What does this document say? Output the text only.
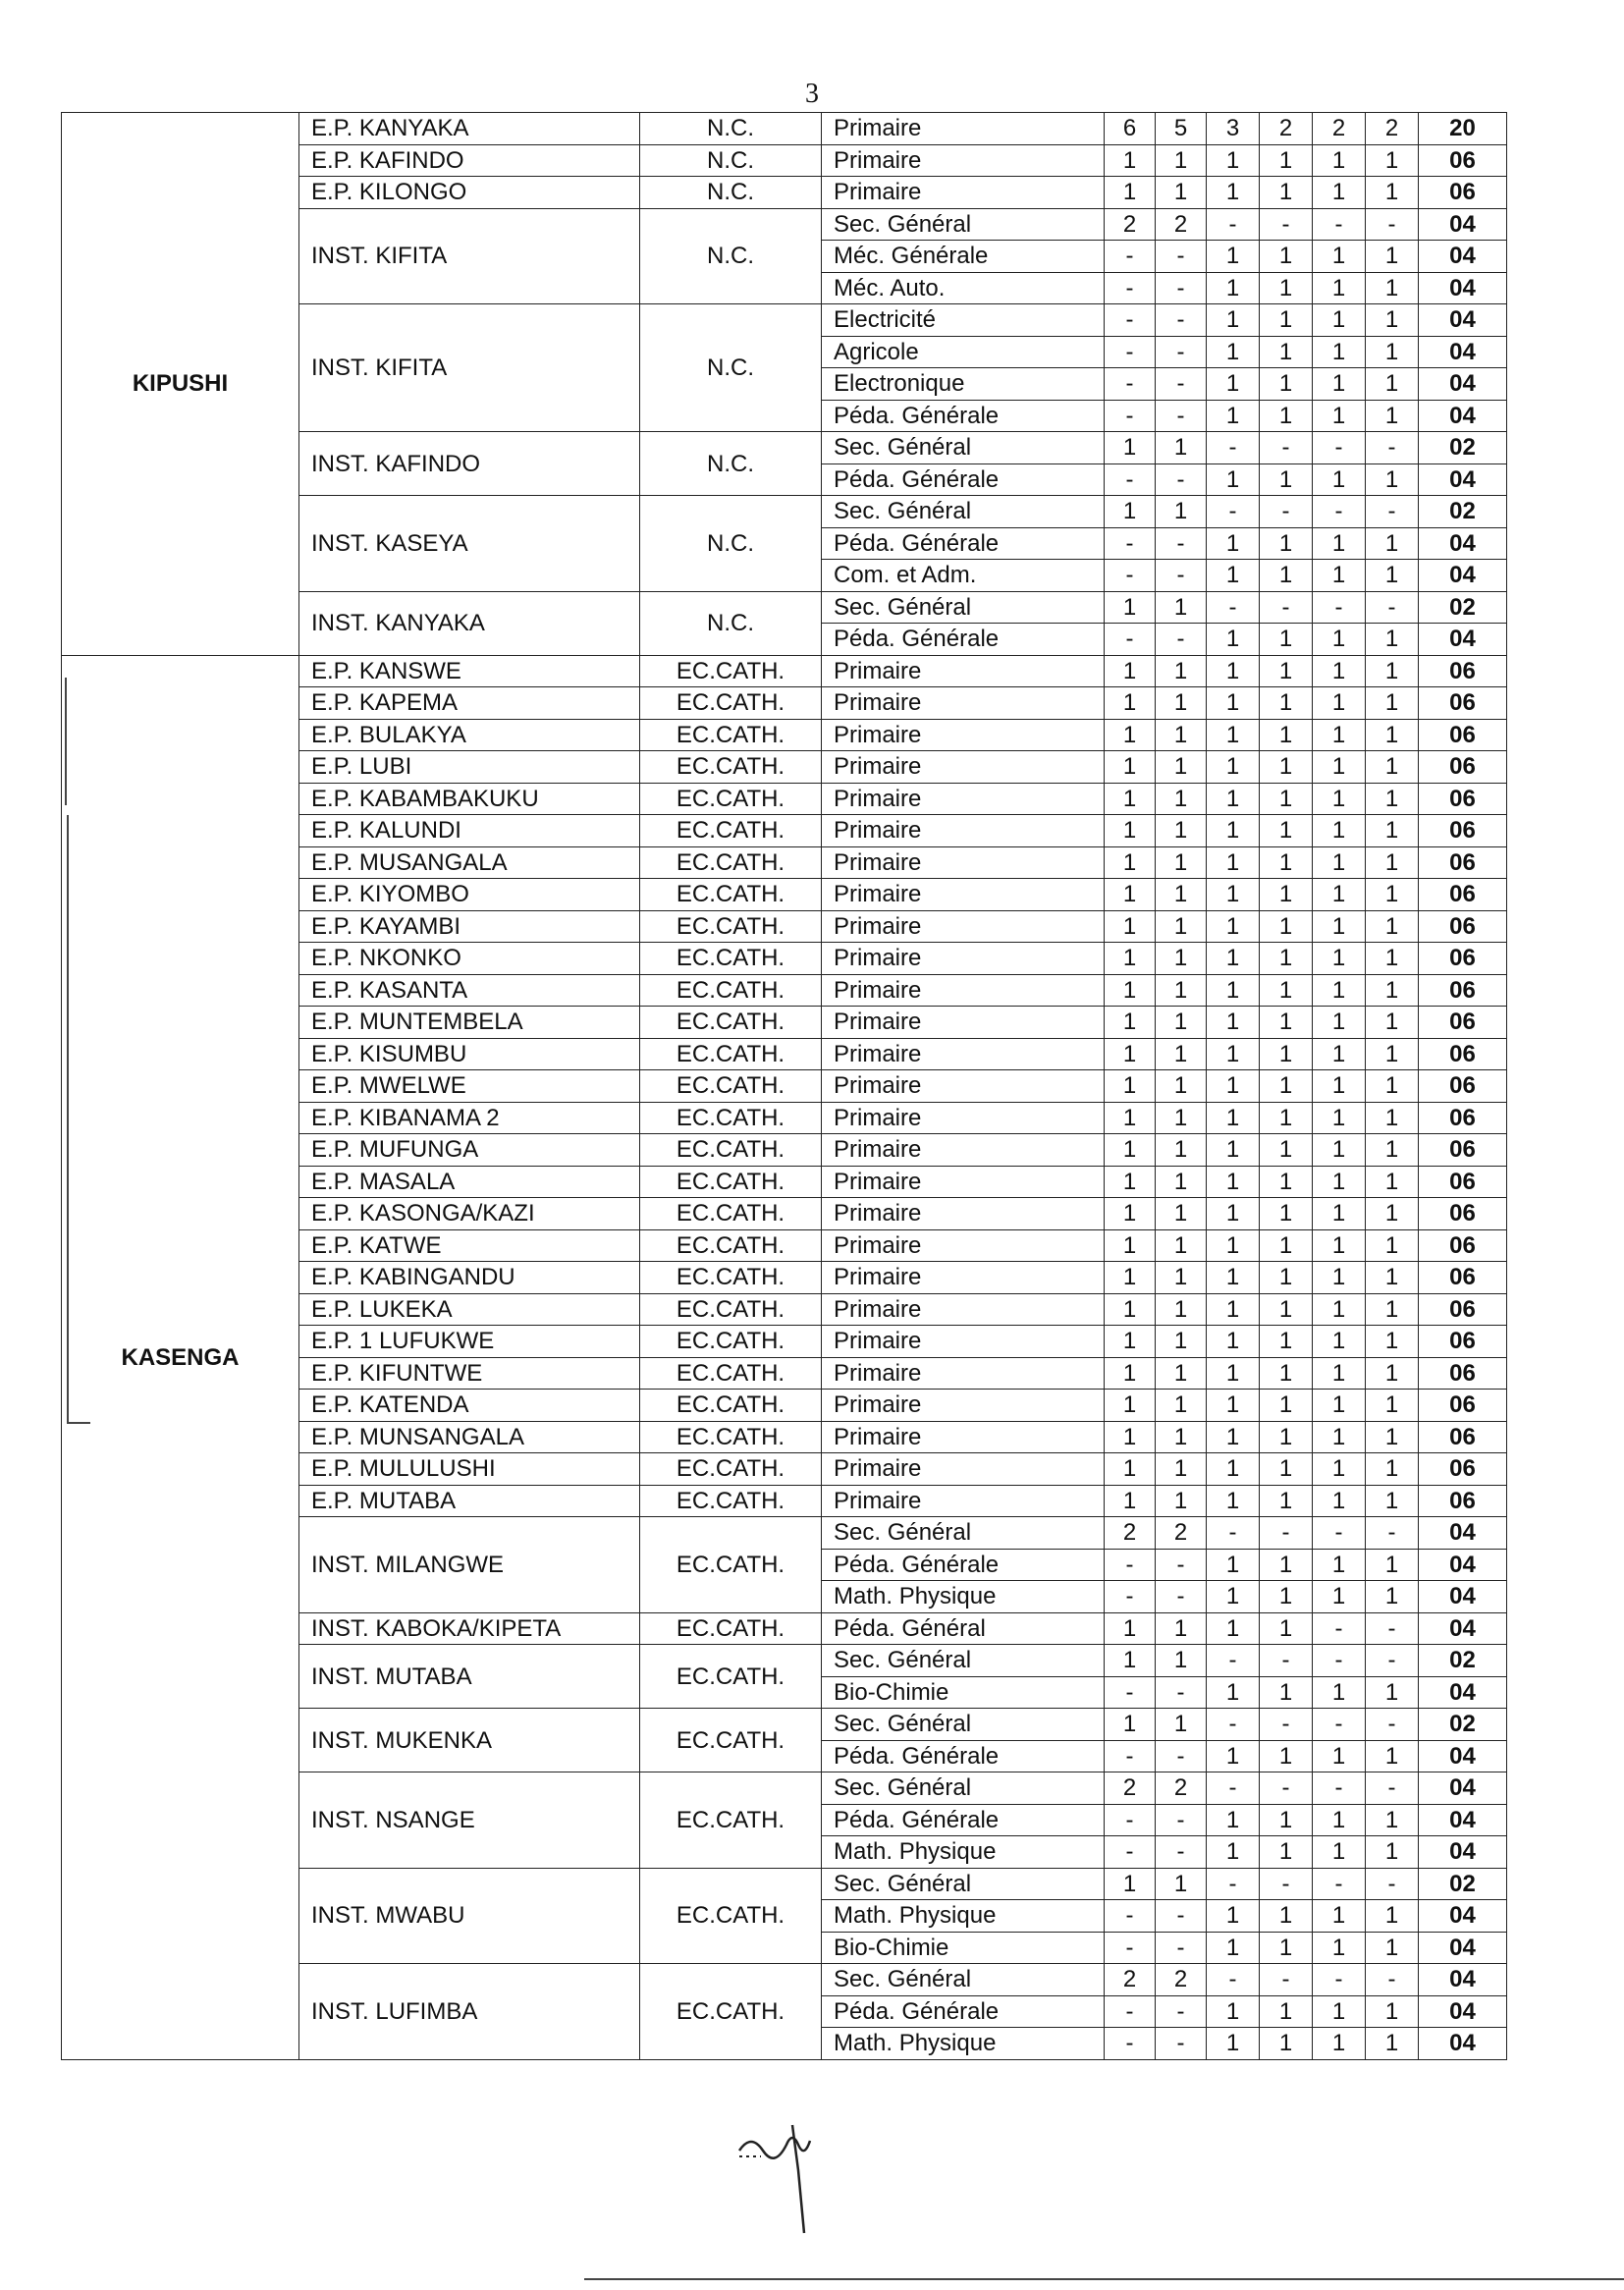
3
KIPUSHI	E.P. KANYAKA	N.C.	Primaire	6	5	3	2	2	2	20
	E.P. KAFINDO	N.C.	Primaire	1	1	1	1	1	1	06
	E.P. KILONGO	N.C.	Primaire	1	1	1	1	1	1	06
	INST. KIFITA	N.C.	Sec. Général	2	2	-	-	-	-	04
			Méc. Générale	-	-	1	1	1	1	04
			Méc. Auto.	-	-	1	1	1	1	04
	INST. KIFITA	N.C.	Electricité	-	-	1	1	1	1	04
			Agricole	-	-	1	1	1	1	04
			Electronique	-	-	1	1	1	1	04
			Péda. Générale	-	-	1	1	1	1	04
	INST. KAFINDO	N.C.	Sec. Général	1	1	-	-	-	-	02
			Péda. Générale	-	-	1	1	1	1	04
	INST. KASEYA	N.C.	Sec. Général	1	1	-	-	-	-	02
			Péda. Générale	-	-	1	1	1	1	04
			Com. et Adm.	-	-	1	1	1	1	04
	INST. KANYAKA	N.C.	Sec. Général	1	1	-	-	-	-	02
			Péda. Générale	-	-	1	1	1	1	04
KASENGA	E.P. KANSWE	EC.CATH.	Primaire	1	1	1	1	1	1	06
	E.P. KAPEMA	EC.CATH.	Primaire	1	1	1	1	1	1	06
	E.P. BULAKYA	EC.CATH.	Primaire	1	1	1	1	1	1	06
	E.P. LUBI	EC.CATH.	Primaire	1	1	1	1	1	1	06
	E.P. KABAMBAKUKU	EC.CATH.	Primaire	1	1	1	1	1	1	06
	E.P. KALUNDI	EC.CATH.	Primaire	1	1	1	1	1	1	06
	E.P. MUSANGALA	EC.CATH.	Primaire	1	1	1	1	1	1	06
	E.P. KIYOMBO	EC.CATH.	Primaire	1	1	1	1	1	1	06
	E.P. KAYAMBI	EC.CATH.	Primaire	1	1	1	1	1	1	06
	E.P. NKONKO	EC.CATH.	Primaire	1	1	1	1	1	1	06
	E.P. KASANTA	EC.CATH.	Primaire	1	1	1	1	1	1	06
	E.P. MUNTEMBELA	EC.CATH.	Primaire	1	1	1	1	1	1	06
	E.P. KISUMBU	EC.CATH.	Primaire	1	1	1	1	1	1	06
	E.P. MWELWE	EC.CATH.	Primaire	1	1	1	1	1	1	06
	E.P. KIBANAMA 2	EC.CATH.	Primaire	1	1	1	1	1	1	06
	E.P. MUFUNGA	EC.CATH.	Primaire	1	1	1	1	1	1	06
	E.P. MASALA	EC.CATH.	Primaire	1	1	1	1	1	1	06
	E.P. KASONGA/KAZI	EC.CATH.	Primaire	1	1	1	1	1	1	06
	E.P. KATWE	EC.CATH.	Primaire	1	1	1	1	1	1	06
	E.P. KABINGANDU	EC.CATH.	Primaire	1	1	1	1	1	1	06
	E.P. LUKEKA	EC.CATH.	Primaire	1	1	1	1	1	1	06
	E.P. 1 LUFUKWE	EC.CATH.	Primaire	1	1	1	1	1	1	06
	E.P. KIFUNTWE	EC.CATH.	Primaire	1	1	1	1	1	1	06
	E.P. KATENDA	EC.CATH.	Primaire	1	1	1	1	1	1	06
	E.P. MUNSANGALA	EC.CATH.	Primaire	1	1	1	1	1	1	06
	E.P. MULULUSHI	EC.CATH.	Primaire	1	1	1	1	1	1	06
	E.P. MUTABA	EC.CATH.	Primaire	1	1	1	1	1	1	06
	INST. MILANGWE	EC.CATH.	Sec. Général	2	2	-	-	-	-	04
			Péda. Générale	-	-	1	1	1	1	04
			Math. Physique	-	-	1	1	1	1	04
	INST. KABOKA/KIPETA	EC.CATH.	Péda. Général	1	1	1	1	-	-	04
	INST. MUTABA	EC.CATH.	Sec. Général	1	1	-	-	-	-	02
			Bio-Chimie	-	-	1	1	1	1	04
	INST. MUKENKA	EC.CATH.	Sec. Général	1	1	-	-	-	-	02
			Péda. Générale	-	-	1	1	1	1	04
	INST. NSANGE	EC.CATH.	Sec. Général	2	2	-	-	-	-	04
			Péda. Générale	-	-	1	1	1	1	04
			Math. Physique	-	-	1	1	1	1	04
	INST. MWABU	EC.CATH.	Sec. Général	1	1	-	-	-	-	02
			Math. Physique	-	-	1	1	1	1	04
			Bio-Chimie	-	-	1	1	1	1	04
	INST. LUFIMBA	EC.CATH.	Sec. Général	2	2	-	-	-	-	04
			Péda. Générale	-	-	1	1	1	1	04
			Math. Physique	-	-	1	1	1	1	04
